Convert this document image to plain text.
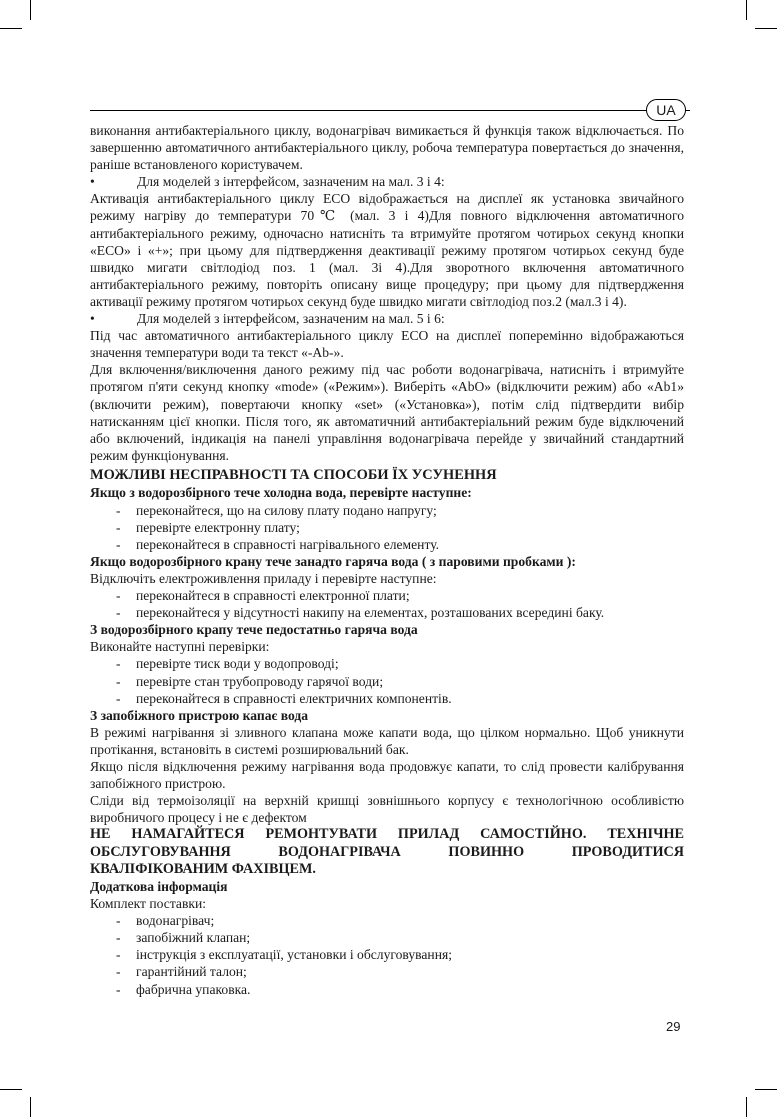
UA

виконання антибактеріального циклу, водонагрівач вимикається й функція також відключається. По завершенню автоматичного антибактеріального циклу, робоча температура повертається до значення, раніше встановленого користувачем.

•	Для моделей з інтерфейсом, зазначеним на мал. 3 і 4:

Активація антибактеріального циклу ECO відображається на дисплеї як установка звичайного режиму нагріву до температури 70℃ (мал. 3 і 4)Для повного відключення автоматичного антибактеріального режиму, одночасно натисніть та втримуйте протягом чотирьох секунд кнопки «ECO» і «+»; при цьому для підтвердження деактивації режиму протягом чотирьох секунд буде швидко мигати світлодіод поз. 1 (мал. 3і 4).Для зворотного включення автоматичного антибактеріального режиму, повторіть описану вище процедуру; при цьому для підтвердження активації режиму протягом чотирьох секунд буде швидко мигати світлодіод поз.2 (мал.3 і 4).

•	Для моделей з інтерфейсом, зазначеним на мал. 5 і 6:

Під час автоматичного антибактеріального циклу ECO на дисплеї поперемінно відображаються значення температури води та текст «-Ab-».

Для включення/виключення даного режиму під час роботи водонагрівача, натисніть і втримуйте протягом п'яти секунд кнопку «mode» («Режим»). Виберіть «AbO» (відключити режим) або «Ab1» (включити режим), повертаючи кнопку «set» («Установка»), потім слід підтвердити вибір натисканням цієї кнопки. Після того, як автоматичний антибактеріальний режим буде відключений або включений, індикація на панелі управління водонагрівача перейде у звичайний стандартний режим функціонування.

МОЖЛИВІ НЕСПРАВНОСТІ ТА СПОСОБИ ЇХ УСУНЕННЯ
Якщо з водорозбірного тече холодна вода, перевірте наступне:
- переконайтеся, що на силову плату подано напругу;
- перевірте електронну плату;
- переконайтеся в справності нагрівального елементу.

Якщо водорозбірного крану тече занадто гаряча вода ( з паровими пробками ):

Відключіть електроживлення приладу і перевірте наступне:

- переконайтеся в справності електронної плати;
- переконайтеся у відсутності накипу на елементах, розташованих всередині баку.
З водорозбірного крапу тече педостатньо гаряча вода

Виконайте наступні перевірки:

- перевірте тиск води у водопроводі;
- перевірте стан трубопроводу гарячої води;
- переконайтеся в справності електричних компонентів.
З запобіжного пристрою капає вода

В режимі нагрівання зі зливного клапана може капати вода, що цілком нормально. Щоб уникнути протікання, встановіть в системі розширювальний бак.

Якщо після відключення режиму нагрівання вода продовжує капати, то слід провести калібрування запобіжного пристрою.

Сліди від термоізоляції на верхній кришці зовнішнього корпусу є технологічною особливістю виробничого процесу і не є дефектом

НЕ НАМАГАЙТЕСЯ РЕМОНТУВАТИ ПРИЛАД САМОСТІЙНО. ТЕХНІЧНЕ ОБСЛУГОВУВАННЯ ВОДОНАГРІВАЧА ПОВИННО ПРОВОДИТИСЯ КВАЛІФІКОВАНИМ ФАХІВЦЕМ.

Додаткова інформація

Комплект поставки:

- водонагрівач;
- запобіжний клапан;
- інструкція з експлуатації, установки і обслуговування;
- гарантійний талон;
- фабрична упаковка.
29
